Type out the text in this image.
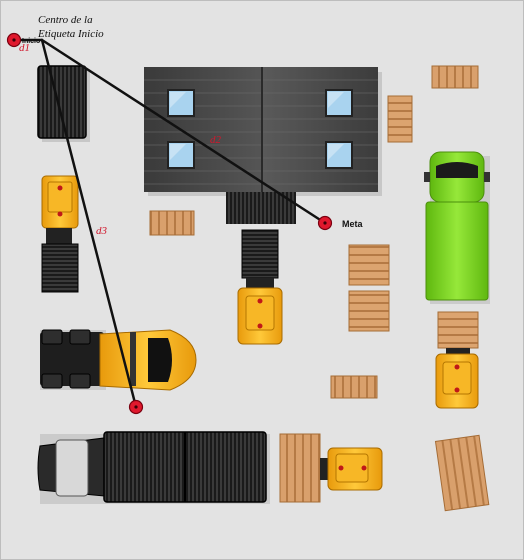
Centro de la
Etiqueta Inicio
Inicio
Meta
d1
d2
d3
